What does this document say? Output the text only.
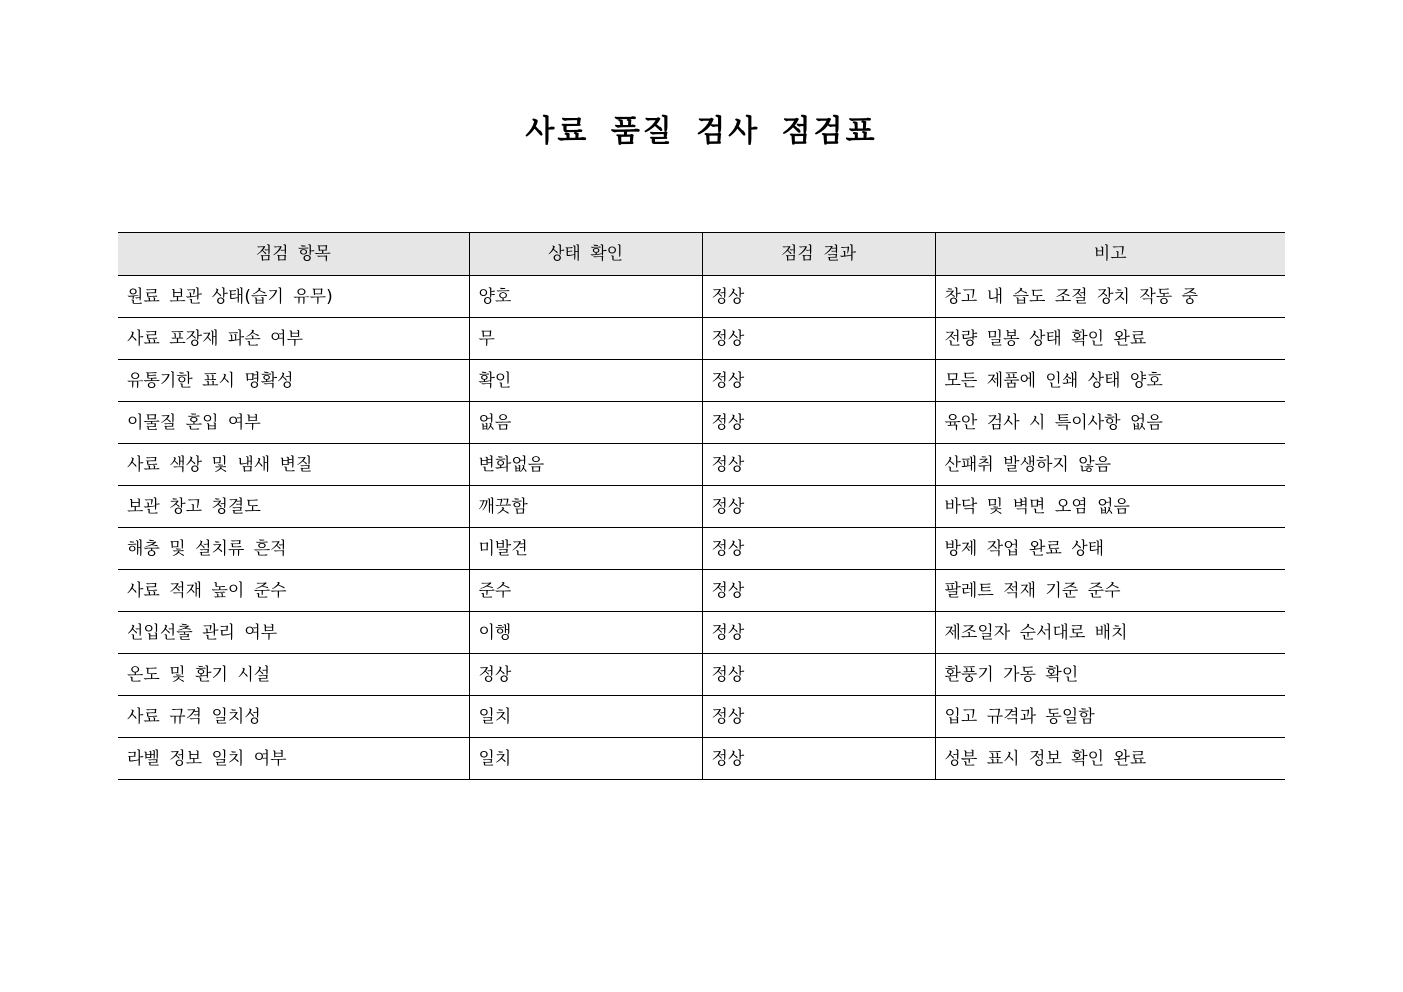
사료 품질 검사 점검표
점검 항목	상태 확인	점검 결과	비고
원료 보관 상태(습기 유무)	양호	정상	창고 내 습도 조절 장치 작동 중
사료 포장재 파손 여부	무	정상	전량 밀봉 상태 확인 완료
유통기한 표시 명확성	확인	정상	모든 제품에 인쇄 상태 양호
이물질 혼입 여부	없음	정상	육안 검사 시 특이사항 없음
사료 색상 및 냄새 변질	변화없음	정상	산패취 발생하지 않음
보관 창고 청결도	깨끗함	정상	바닥 및 벽면 오염 없음
해충 및 설치류 흔적	미발견	정상	방제 작업 완료 상태
사료 적재 높이 준수	준수	정상	팔레트 적재 기준 준수
선입선출 관리 여부	이행	정상	제조일자 순서대로 배치
온도 및 환기 시설	정상	정상	환풍기 가동 확인
사료 규격 일치성	일치	정상	입고 규격과 동일함
라벨 정보 일치 여부	일치	정상	성분 표시 정보 확인 완료
